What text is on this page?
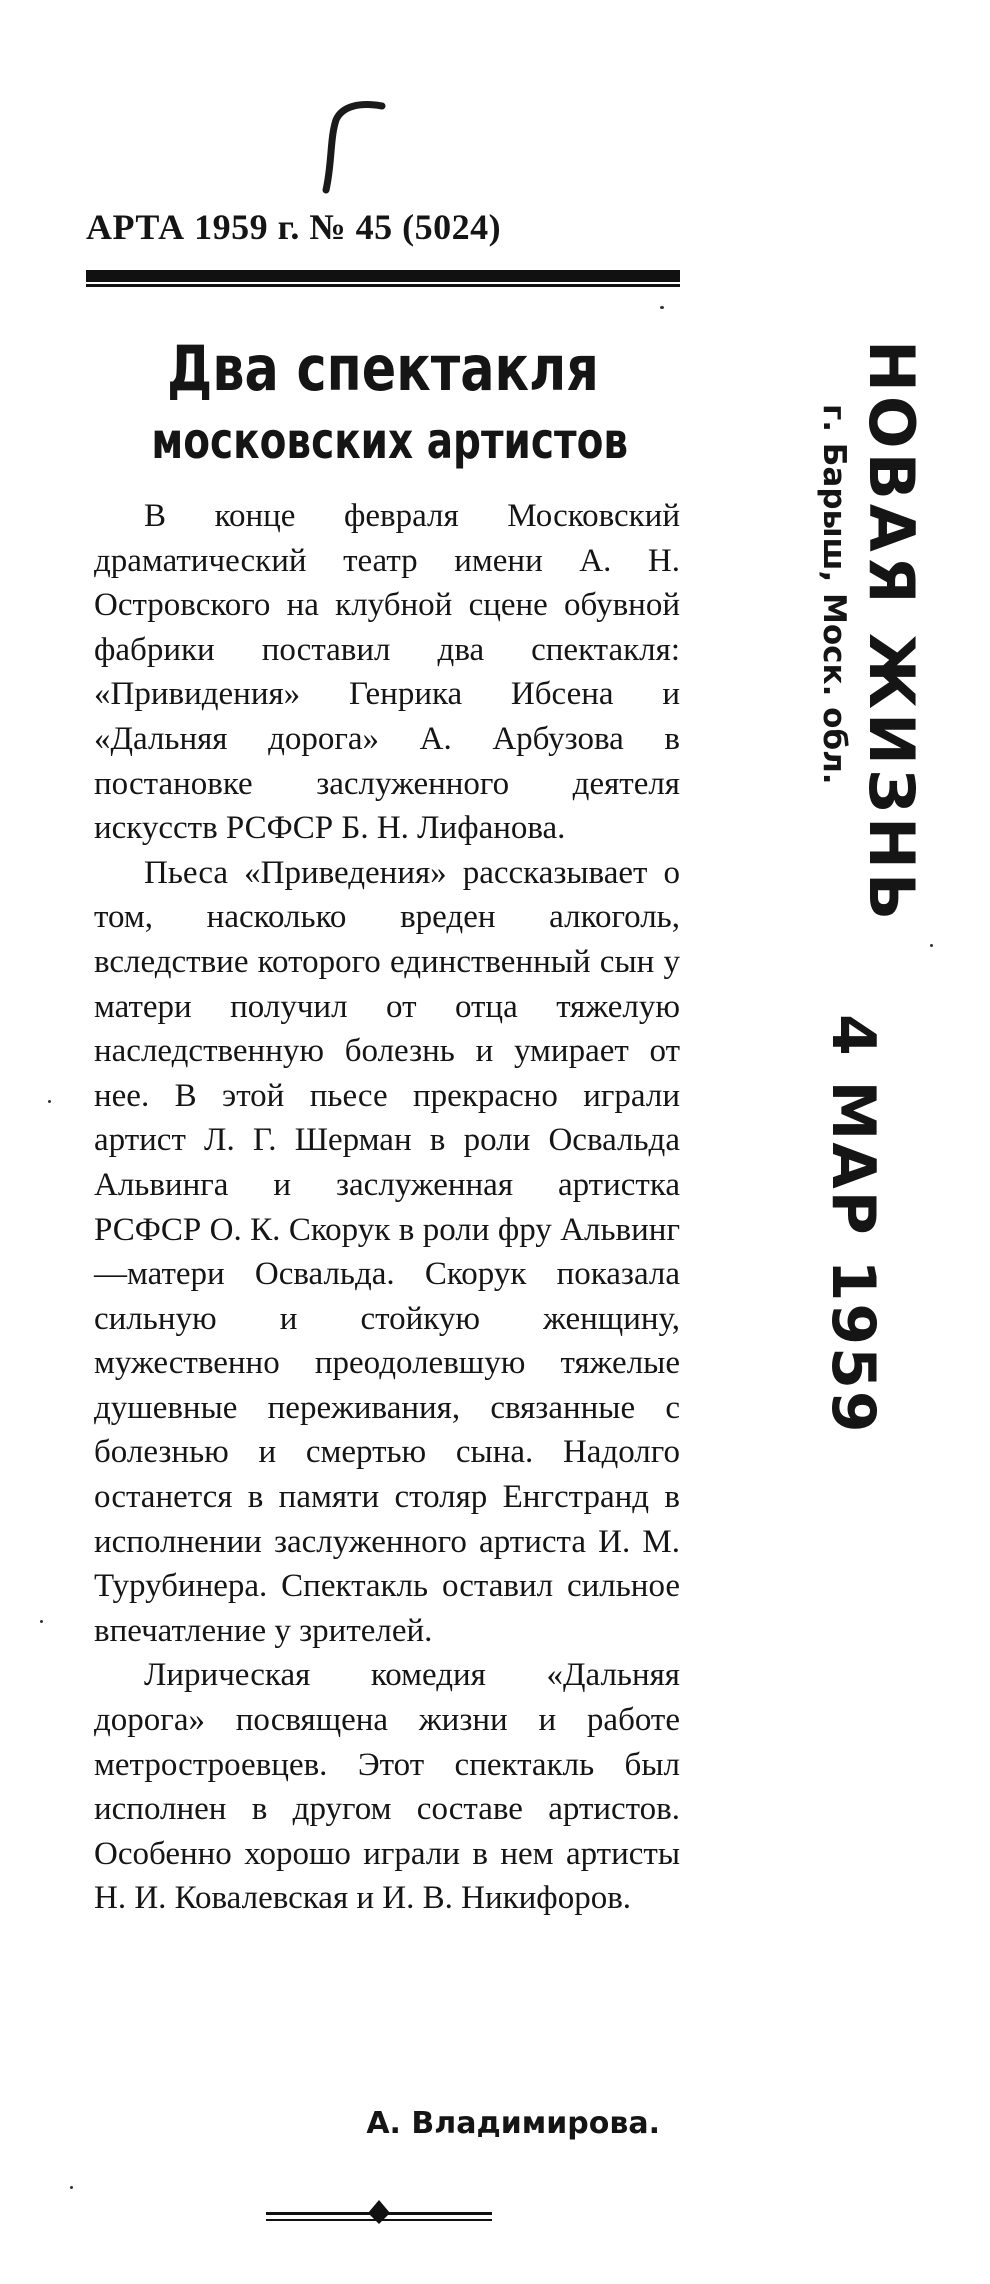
АРТА 1959 г. № 45 (5024)
Два спектакля
московских артистов

В конце февраля Московский драматический театр имени А. Н. Островского на клубной сцене обувной фабрики поставил два спектакля: «Привидения» Генрика Ибсена и «Дальняя дорога» А. Арбузова в постановке заслуженного деятеля искусств РСФСР Б. Н. Лифанова.

Пьеса «Приведения» рассказывает о том, насколько вреден алкоголь, вследствие которого единственный сын у матери получил от отца тяжелую наследственную болезнь и умирает от нее. В этой пьесе прекрасно играли артист Л. Г. Шерман в роли Освальда Альвинга и заслуженная артистка РСФСР О. К. Скорук в роли фру Альвинг—матери Освальда. Скорук показала сильную и стойкую женщину, мужественно преодолевшую тяжелые душевные переживания, связанные с болезнью и смертью сына. Надолго останется в памяти столяр Енгстранд в исполнении заслуженного артиста И. М. Турубинера. Спектакль оставил сильное впечатление у зрителей.

Лирическая комедия «Дальняя дорога» посвящена жизни и работе метростроевцев. Этот спектакль был исполнен в другом составе артистов. Особенно хорошо играли в нем артисты Н. И. Ковалевская и И. В. Никифоров.

А. Владимирова.
НОВАЯ ЖИЗНЬ
г. Барыш, Моск. обл.
4 МАР 1959
